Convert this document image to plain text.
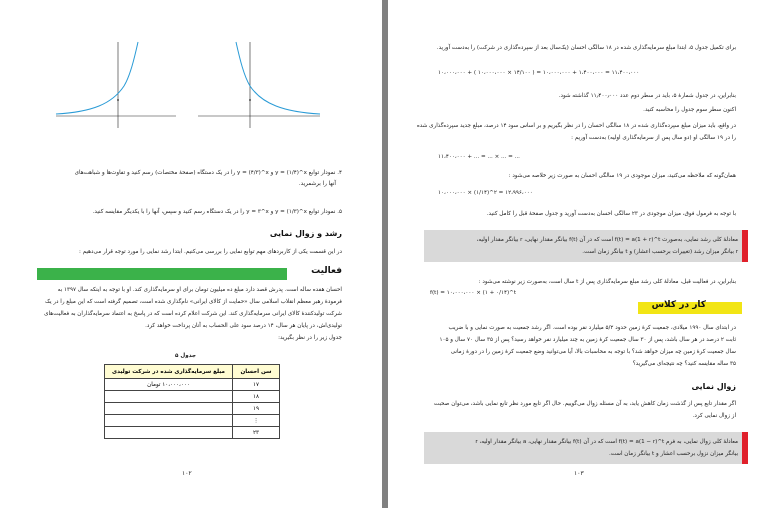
۴. نمودار توابع y = (۱/۴)^x و y = (۴/۳)^x را در یک دستگاه (صفحهٔ مختصات) رسم کنید و تفاوت‌ها و شباهت‌های
آنها را برشمرید.
۵. نمودار توابع y = (۱/۳)^x و y = ۳^x را در یک دستگاه رسم کنید و سپس، آنها را با یکدیگر مقایسه کنید.
رشد و زوال نمایی
در این قسمت یکی از کاربردهای مهم توابع نمایی را بررسی می‌کنیم. ابتدا رشد نمایی را مورد توجه قرار می‌دهیم :
فعالیت
احسان هفده ساله است. پدرش قصد دارد مبلغ ده میلیون تومان برای او سرمایه‌گذاری کند. او با توجه به اینکه سال ۱۳۹۷ به
فرمودهٔ رهبر معظم انقلاب اسلامی سال «حمایت از کالای ایرانی» نام‌گذاری شده است، تصمیم گرفته است که این مبلغ را در یک
شرکت تولیدکنندهٔ کالای ایرانی سرمایه‌گذاری کند. این شرکت اعلام کرده است که در پاسخ به اعتماد سرمایه‌گذاران به فعالیت‌های
تولیدی‌اش، در پایان هر سال، ۱۴ درصد سود علی الحساب به آنان پرداخت خواهد کرد.
جدول زیر را در نظر بگیرید:
جدول ۵
سن احسان	مبلغ سرمایه‌گذاری شده در شرکت تولیدی
۱۷	۱۰،۰۰۰،۰۰۰ تومان
۱۸	
۱۹	
⋮	
۲۳	
۱۰۲
برای تکمیل جدول ۵، ابتدا مبلغ سرمایه‌گذاری شده در ۱۸ سالگی احسان (یک‌سال بعد از سپرده‌گذاری در شرکت) را به‌دست آورید.
۱۰،۰۰۰،۰۰۰ + ( ۱۰،۰۰۰،۰۰۰ × ۱۴/۱۰۰ ) = ۱۰،۰۰۰،۰۰۰ + ۱،۴۰۰،۰۰۰ = ۱۱،۴۰۰،۰۰۰
بنابراین، در جدول شمارهٔ ۵، باید در سطر دوم عدد ۱۱٫۴۰۰٫۰۰۰ گذاشته شود.
اکنون سطر سوم جدول را محاسبه کنید.
در واقع، باید میزان مبلغ سپرده‌گذاری شده در ۱۸ سالگی احسان را در نظر بگیریم و بر اساس سود ۱۴ درصد، مبلغ جدید سپرده‌گذاری شده
را در ۱۹ سالگی او (دو سال پس از سرمایه‌گذاری اولیه) به‌دست آوریم :
۱۱،۴۰۰،۰۰۰ + ... = ... × ... = ...
همان‌گونه که ملاحظه می‌کنید، میزان موجودی در ۱۹ سالگی احسان به صورت زیر خلاصه می‌شود :
۱۰،۰۰۰،۰۰۰ × (۱/۱۴)^۲ = ۱۲،۹۹۶،۰۰۰
با توجه به فرمول فوق، میزان موجودی در ۲۳ سالگی احسان به‌دست آورید و جدول صفحهٔ قبل را کامل کنید.
معادلهٔ کلی رشد نمایی، به‌صورت f(t) = a(1 + r)^t است که در آن f(t) بیانگر مقدار نهایی، r بیانگر مقدار اولیه،
r بیانگر میزان رشد (تغییرات برحسب اعشار) و t بیانگر زمان است.
بنابراین، در فعالیت قبل، معادلهٔ کلی رشد مبلغ سرمایه‌گذاری پس از t سال است، به‌صورت زیر نوشته می‌شود :
f(t) = ۱۰،۰۰۰،۰۰۰ × (۱ + ۰/۱۴)^t
کار در کلاس
در ابتدای سال ۱۹۹۰ میلادی، جمعیت کرهٔ زمین حدود ۵/۲ میلیارد نفر بوده است. اگر رشد جمعیت به صورت نمایی و با ضریب
ثابت ۲ درصد در هر سال باشد، پس از ۳۰ سال جمعیت کرهٔ زمین به چند میلیارد نفر خواهد رسید؟ پس از ۳۵ سال ۷۰ سال و ۱۰۵
سال جمعیت کرهٔ زمین چه میزان خواهد شد؟ با توجه به محاسبات بالا، آیا می‌توانید وضع جمعیت کرهٔ زمین را در دورهٔ زمانی
۳۵ ساله مقایسه کنید؟ چه نتیجه‌ای می‌گیرید؟
زوال نمایی
اگر مقدار تابع پس از گذشت زمان کاهش یابد، به آن مسئله زوال می‌گوییم. حال اگر تابع مورد نظر تابع نمایی باشد، می‌توان صحبت
از زوال نمایی کرد.
معادلهٔ کلی زوال نمایی، به فرم f(t) = a(1 − r)^t است که در آن f(t) بیانگر مقدار نهایی، a بیانگر مقدار اولیه، r
بیانگر میزان نزول برحسب اعشار و t بیانگر زمان است.
۱۰۳
